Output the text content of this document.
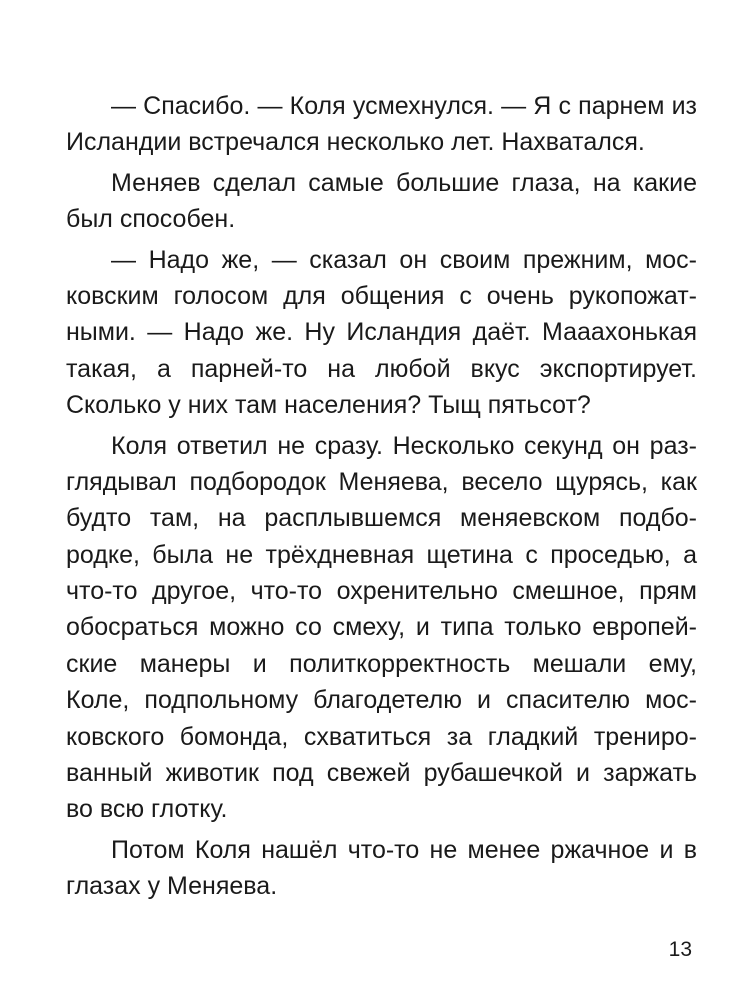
— Спасибо. — Коля усмехнулся. — Я с парнем из
Исландии встречался несколько лет. Нахватался.
Меняев сделал самые большие глаза, на какие
был способен.
— Надо же, — сказал он своим прежним, мос-
ковским голосом для общения с очень рукопожат-
ными. — Надо же. Ну Исландия даёт. Маааxонькая
такая, а парней-то на любой вкус экспортирует.
Сколько у них там населения? Тыщ пятьсот?
Коля ответил не сразу. Несколько секунд он раз-
глядывал подбородок Меняева, весело щурясь, как
будто там, на расплывшемся меняевском подбо-
родке, была не трёхдневная щетина с проседью, а
что-то другое, что-то охренительно смешное, прям
обосраться можно со смеху, и типа только европей-
ские манеры и политкорректность мешали ему,
Коле, подпольному благодетелю и спасителю мос-
ковского бомонда, схватиться за гладкий трениро-
ванный животик под свежей рубашечкой и заржать
во всю глотку.
Потом Коля нашёл что-то не менее ржачное и в
глазах у Меняева.
13
